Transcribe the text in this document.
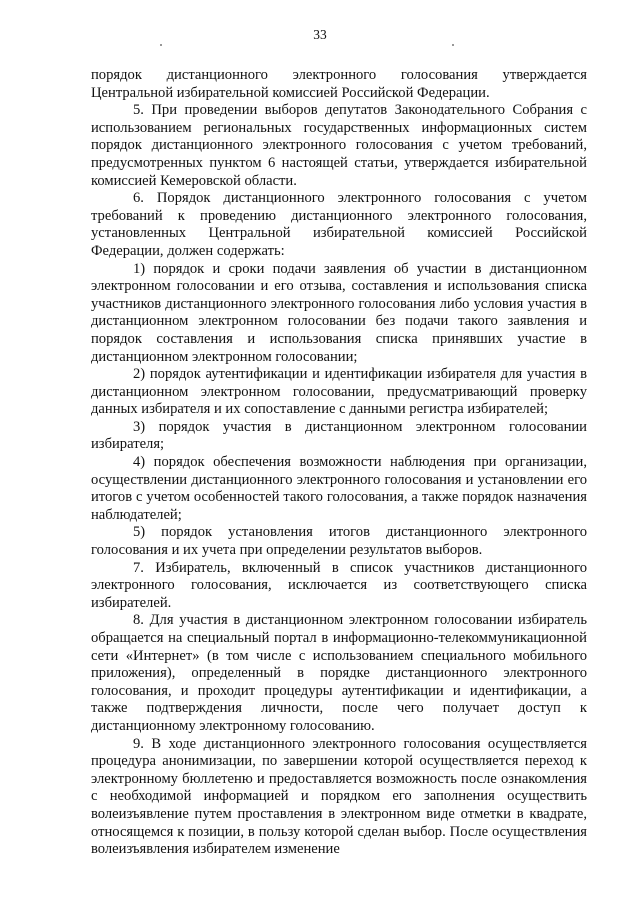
33

порядок дистанционного электронного голосования утверждается Центральной избирательной комиссией Российской Федерации.

5. При проведении выборов депутатов Законодательного Собрания с использованием региональных государственных информационных систем порядок дистанционного электронного голосования с учетом требований, предусмотренных пунктом 6 настоящей статьи, утверждается избирательной комиссией Кемеровской области.

6. Порядок дистанционного электронного голосования с учетом требований к проведению дистанционного электронного голосования, установленных Центральной избирательной комиссией Российской Федерации, должен содержать:

1) порядок и сроки подачи заявления об участии в дистанционном электронном голосовании и его отзыва, составления и использования списка участников дистанционного электронного голосования либо условия участия в дистанционном электронном голосовании без подачи такого заявления и порядок составления и использования списка принявших участие в дистанционном электронном голосовании;

2) порядок аутентификации и идентификации избирателя для участия в дистанционном электронном голосовании, предусматривающий проверку данных избирателя и их сопоставление с данными регистра избирателей;

3) порядок участия в дистанционном электронном голосовании избирателя;

4) порядок обеспечения возможности наблюдения при организации, осуществлении дистанционного электронного голосования и установлении его итогов с учетом особенностей такого голосования, а также порядок назначения наблюдателей;

5) порядок установления итогов дистанционного электронного голосования и их учета при определении результатов выборов.

7. Избиратель, включенный в список участников дистанционного электронного голосования, исключается из соответствующего списка избирателей.

8. Для участия в дистанционном электронном голосовании избиратель обращается на специальный портал в информационно-телекоммуникационной сети «Интернет» (в том числе с использованием специального мобильного приложения), определенный в порядке дистанционного электронного голосования, и проходит процедуры аутентификации и идентификации, а также подтверждения личности, после чего получает доступ к дистанционному электронному голосованию.

9. В ходе дистанционного электронного голосования осуществляется процедура анонимизации, по завершении которой осуществляется переход к электронному бюллетеню и предоставляется возможность после ознакомления с необходимой информацией и порядком его заполнения осуществить волеизъявление путем проставления в электронном виде отметки в квадрате, относящемся к позиции, в пользу которой сделан выбор. После осуществления волеизъявления избирателем изменение
